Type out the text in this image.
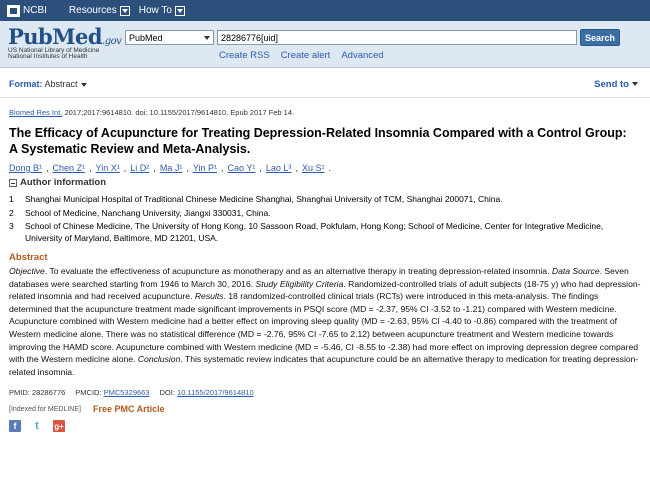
NCBI Resources How To
PubMed.gov
US National Library of Medicine
National Institutes of Health
PubMed
28286776[uid]	Search
Create RSS Create alert Advanced
Format: Abstract	Send to
Biomed Res Int. 2017;2017:9614810. doi: 10.1155/2017/9614810. Epub 2017 Feb 14.
The Efficacy of Acupuncture for Treating Depression-Related Insomnia Compared with a Control Group: A Systematic Review and Meta-Analysis.
Dong B¹ , Chen Z¹ , Yin X¹ , Li D² , Ma J¹ , Yin P¹ , Cao Y¹ , Lao L³ , Xu S¹ .
Author information
1	Shanghai Municipal Hospital of Traditional Chinese Medicine Shanghai, Shanghai University of TCM, Shanghai 200071, China.
2	School of Medicine, Nanchang University, Jiangxi 330031, China.
3	School of Chinese Medicine, The University of Hong Kong, 10 Sassoon Road, Pokfulam, Hong Kong; School of Medicine, Center for Integrative Medicine, University of Maryland, Baltimore, MD 21201, USA.
Abstract

Objective. To evaluate the effectiveness of acupuncture as monotherapy and as an alternative therapy in treating depression-related insomnia. Data Source. Seven databases were searched starting from 1946 to March 30, 2016. Study Eligibility Criteria. Randomized-controlled trials of adult subjects (18-75 y) who had depression-related insomnia and had received acupuncture. Results. 18 randomized-controlled clinical trials (RCTs) were introduced in this meta-analysis. The findings determined that the acupuncture treatment made significant improvements in PSQI score (MD = -2.37, 95% CI -3.52 to -1.21) compared with Western medicine. Acupuncture combined with Western medicine had a better effect on improving sleep quality (MD = -2.63, 95% CI -4.40 to -0.86) compared with the treatment of Western medicine alone. There was no statistical difference (MD = -2.76, 95% CI -7.65 to 2.12) between acupuncture treatment and Western medicine towards improving the HAMD score. Acupuncture combined with Western medicine (MD = -5.46, CI -8.55 to -2.38) had more effect on improving depression degree compared with the Western medicine alone. Conclusion. This systematic review indicates that acupuncture could be an alternative therapy to medication for treating depression-related insomnia.

PMID: 28286776 PMCID: PMC5329663 DOI: 10.1155/2017/9614810
[Indexed for MEDLINE] Free PMC Article
f	t	g+
